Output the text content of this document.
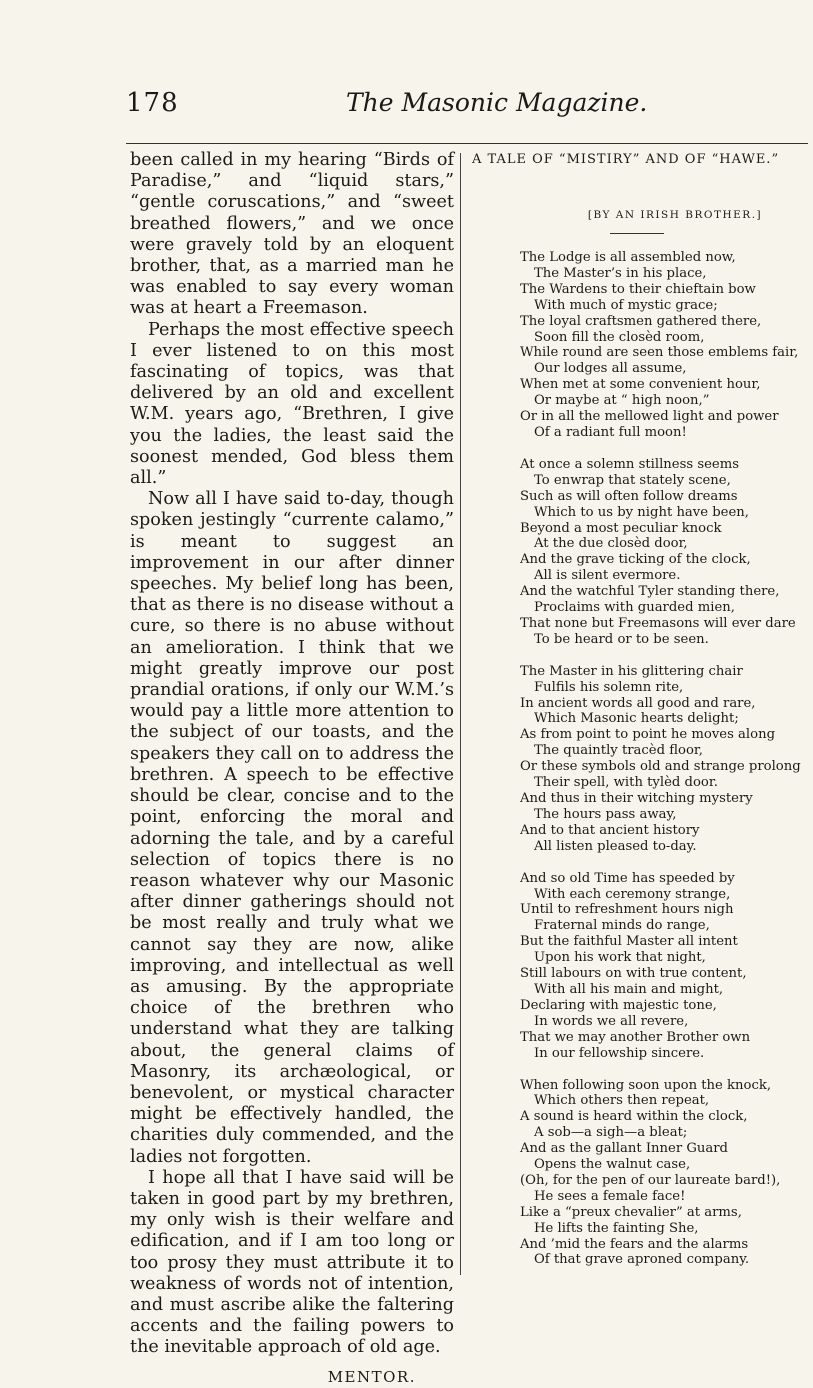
178	The Masonic Magazine.

been called in my hearing “Birds of Paradise,” and “liquid stars,” “gentle coruscations,” and “sweet breathed flowers,” and we once were gravely told by an eloquent brother, that, as a married man he was enabled to say every woman was at heart a Freemason.

Perhaps the most effective speech I ever listened to on this most fascinating of topics, was that delivered by an old and excellent W.M. years ago, “Brethren, I give you the ladies, the least said the soonest mended, God bless them all.”

Now all I have said to-day, though spoken jestingly “currente calamo,” is meant to suggest an improvement in our after dinner speeches. My belief long has been, that as there is no disease without a cure, so there is no abuse without an amelioration. I think that we might greatly improve our post prandial orations, if only our W.M.’s would pay a little more attention to the subject of our toasts, and the speakers they call on to address the brethren. A speech to be effective should be clear, concise and to the point, enforcing the moral and adorning the tale, and by a careful selection of topics there is no reason whatever why our Masonic after dinner gatherings should not be most really and truly what we cannot say they are now, alike improving, and intellectual as well as amusing. By the appropriate choice of the brethren who understand what they are talking about, the general claims of Masonry, its archæological, or benevolent, or mystical character might be effectively handled, the charities duly commended, and the ladies not forgotten.

I hope all that I have said will be taken in good part by my brethren, my only wish is their welfare and edification, and if I am too long or too prosy they must attribute it to weakness of words not of intention, and must ascribe alike the faltering accents and the failing powers to the inevitable approach of old age.

MENTOR.
A TALE OF “MISTIRY” AND OF “HAWE.”
[BY AN IRISH BROTHER.]
The Lodge is all assembled now,
The Master’s in his place,
The Wardens to their chieftain bow
With much of mystic grace;
The loyal craftsmen gathered there,
Soon fill the closèd room,
While round are seen those emblems fair,
Our lodges all assume,
When met at some convenient hour,
Or maybe at “ high noon,”
Or in all the mellowed light and power
Of a radiant full moon!
At once a solemn stillness seems
To enwrap that stately scene,
Such as will often follow dreams
Which to us by night have been,
Beyond a most peculiar knock
At the due closèd door,
And the grave ticking of the clock,
All is silent evermore.
And the watchful Tyler standing there,
Proclaims with guarded mien,
That none but Freemasons will ever dare
To be heard or to be seen.
The Master in his glittering chair
Fulfils his solemn rite,
In ancient words all good and rare,
Which Masonic hearts delight;
As from point to point he moves along
The quaintly tracèd floor,
Or these symbols old and strange prolong
Their spell, with tylèd door.
And thus in their witching mystery
The hours pass away,
And to that ancient history
All listen pleased to-day.
And so old Time has speeded by
With each ceremony strange,
Until to refreshment hours nigh
Fraternal minds do range,
But the faithful Master all intent
Upon his work that night,
Still labours on with true content,
With all his main and might,
Declaring with majestic tone,
In words we all revere,
That we may another Brother own
In our fellowship sincere.
When following soon upon the knock,
Which others then repeat,
A sound is heard within the clock,
A sob—a sigh—a bleat;
And as the gallant Inner Guard
Opens the walnut case,
(Oh, for the pen of our laureate bard!),
He sees a female face!
Like a “preux chevalier” at arms,
He lifts the fainting She,
And ’mid the fears and the alarms
Of that grave aproned company.
